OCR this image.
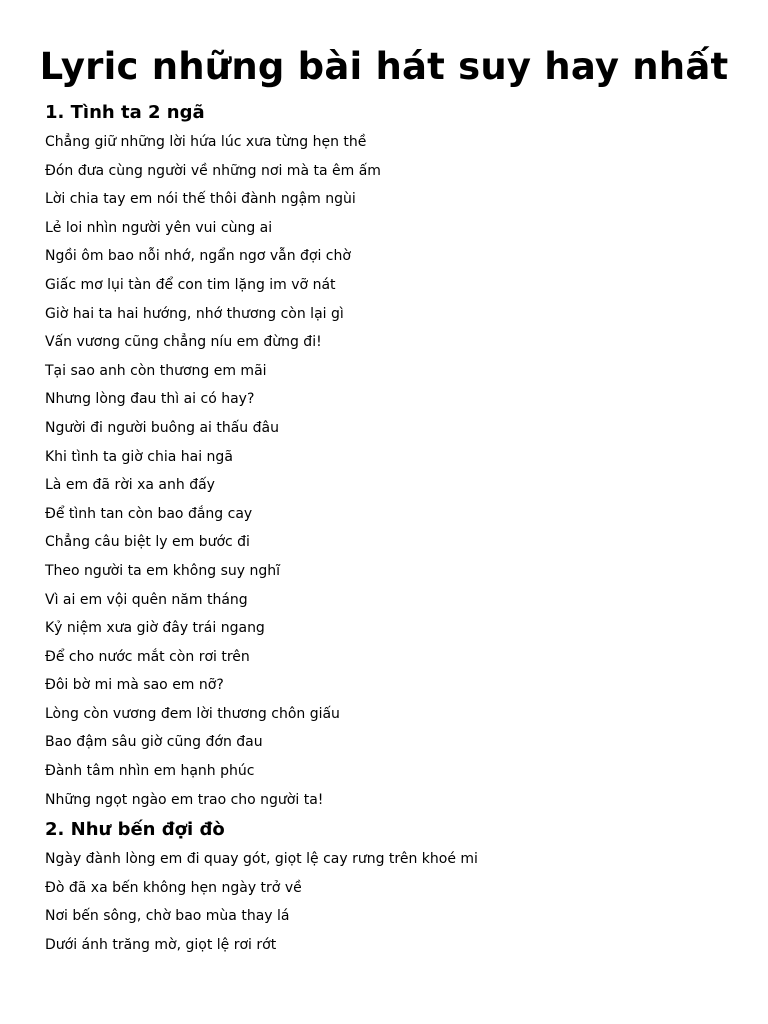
Lyric những bài hát suy hay nhất
1. Tình ta 2 ngã
Chẳng giữ những lời hứa lúc xưa từng hẹn thề
Đón đưa cùng người về những nơi mà ta êm ấm
Lời chia tay em nói thế thôi đành ngậm ngùi
Lẻ loi nhìn người yên vui cùng ai
Ngồi ôm bao nỗi nhớ, ngẩn ngơ vẫn đợi chờ
Giấc mơ lụi tàn để con tim lặng im vỡ nát
Giờ hai ta hai hướng, nhớ thương còn lại gì
Vấn vương cũng chẳng níu em đừng đi!
Tại sao anh còn thương em mãi
Nhưng lòng đau thì ai có hay?
Người đi người buông ai thấu đâu
Khi tình ta giờ chia hai ngã
Là em đã rời xa anh đấy
Để tình tan còn bao đắng cay
Chẳng câu biệt ly em bước đi
Theo người ta em không suy nghĩ
Vì ai em vội quên năm tháng
Kỷ niệm xưa giờ đây trái ngang
Để cho nước mắt còn rơi trên
Đôi bờ mi mà sao em nỡ?
Lòng còn vương đem lời thương chôn giấu
Bao đậm sâu giờ cũng đớn đau
Đành tâm nhìn em hạnh phúc
Những ngọt ngào em trao cho người ta!
2. Như bến đợi đò
Ngày đành lòng em đi quay gót, giọt lệ cay rưng trên khoé mi
Đò đã xa bến không hẹn ngày trở về
Nơi bến sông, chờ bao mùa thay lá
Dưới ánh trăng mờ, giọt lệ rơi rớt
